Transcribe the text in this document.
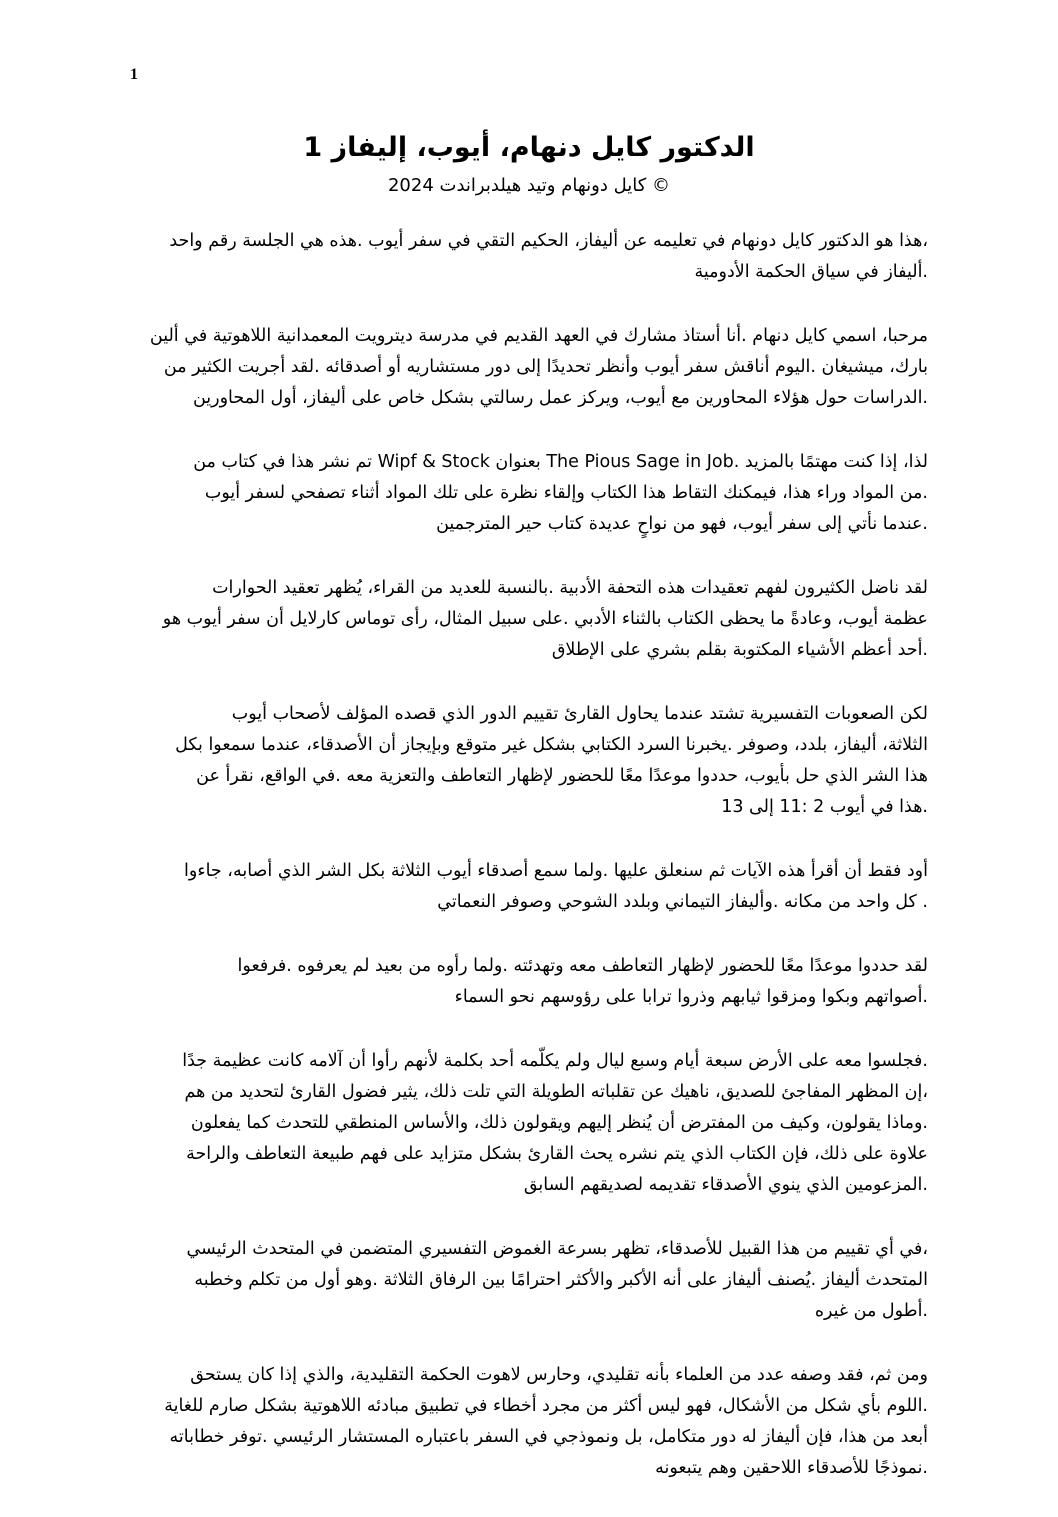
1
الدكتور كايل دنهام، أيوب، إليفاز 1
كايل دونهام وتيد هيلدبراندت 2024 ©

،هذا هو الدكتور كايل دونهام في تعليمه عن أليفاز، الحكيم التقي في سفر أيوب .هذه هي الجلسة رقم واحد
.أليفاز في سياق الحكمة الأدومية

مرحبا، اسمي كايل دنهام .أنا أستاذ مشارك في العهد القديم في مدرسة ديترويت المعمدانية اللاهوتية في ألين
بارك، ميشيغان .اليوم أناقش سفر أيوب وأنظر تحديدًا إلى دور مستشاريه أو أصدقائه .لقد أجريت الكثير من
.الدراسات حول هؤلاء المحاورين مع أيوب، ويركز عمل رسالتي بشكل خاص على أليفاز، أول المحاورين

لذا، إذا كنت مهتمًا بالمزيد .The Pious Sage in Job بعنوان Wipf & Stock تم نشر هذا في كتاب من
.من المواد وراء هذا، فيمكنك التقاط هذا الكتاب وإلقاء نظرة على تلك المواد أثناء تصفحي لسفر أيوب
.عندما نأتي إلى سفر أيوب، فهو من نواحٍ عديدة كتاب حير المترجمين

لقد ناضل الكثيرون لفهم تعقيدات هذه التحفة الأدبية .بالنسبة للعديد من القراء، يُظهر تعقيد الحوارات
عظمة أيوب، وعادةً ما يحظى الكتاب بالثناء الأدبي .على سبيل المثال، رأى توماس كارلايل أن سفر أيوب هو
.أحد أعظم الأشياء المكتوبة بقلم بشري على الإطلاق

لكن الصعوبات التفسيرية تشتد عندما يحاول القارئ تقييم الدور الذي قصده المؤلف لأصحاب أيوب
الثلاثة، أليفاز، بلدد، وصوفر .يخبرنا السرد الكتابي بشكل غير متوقع وبإيجاز أن الأصدقاء، عندما سمعوا بكل
هذا الشر الذي حل بأيوب، حددوا موعدًا معًا للحضور لإظهار التعاطف والتعزية معه .في الواقع، نقرأ عن
.هذا في أيوب 2 :11 إلى 13

أود فقط أن أقرأ هذه الآيات ثم سنعلق عليها .ولما سمع أصدقاء أيوب الثلاثة بكل الشر الذي أصابه، جاءوا
. كل واحد من مكانه .وأليفاز التيماني وبلدد الشوحي وصوفر النعماتي

لقد حددوا موعدًا معًا للحضور لإظهار التعاطف معه وتهدئته .ولما رأوه من بعيد لم يعرفوه .فرفعوا
.أصواتهم وبكوا ومزقوا ثيابهم وذروا ترابا على رؤوسهم نحو السماء

.فجلسوا معه على الأرض سبعة أيام وسبع ليال ولم يكلّمه أحد بكلمة لأنهم رأوا أن آلامه كانت عظيمة جدًا
،إن المظهر المفاجئ للصديق، ناهيك عن تقلباته الطويلة التي تلت ذلك، يثير فضول القارئ لتحديد من هم
.وماذا يقولون، وكيف من المفترض أن يُنظر إليهم ويقولون ذلك، والأساس المنطقي للتحدث كما يفعلون
علاوة على ذلك، فإن الكتاب الذي يتم نشره يحث القارئ بشكل متزايد على فهم طبيعة التعاطف والراحة
.المزعومين الذي ينوي الأصدقاء تقديمه لصديقهم السابق

،في أي تقييم من هذا القبيل للأصدقاء، تظهر بسرعة الغموض التفسيري المتضمن في المتحدث الرئيسي
المتحدث أليفاز .يُصنف أليفاز على أنه الأكبر والأكثر احترامًا بين الرفاق الثلاثة .وهو أول من تكلم وخطبه
.أطول من غيره

ومن ثم، فقد وصفه عدد من العلماء بأنه تقليدي، وحارس لاهوت الحكمة التقليدية، والذي إذا كان يستحق
.اللوم بأي شكل من الأشكال، فهو ليس أكثر من مجرد أخطاء في تطبيق مبادئه اللاهوتية بشكل صارم للغاية
أبعد من هذا، فإن أليفاز له دور متكامل، بل ونموذجي في السفر باعتباره المستشار الرئيسي .توفر خطاباته
.نموذجًا للأصدقاء اللاحقين وهم يتبعونه
